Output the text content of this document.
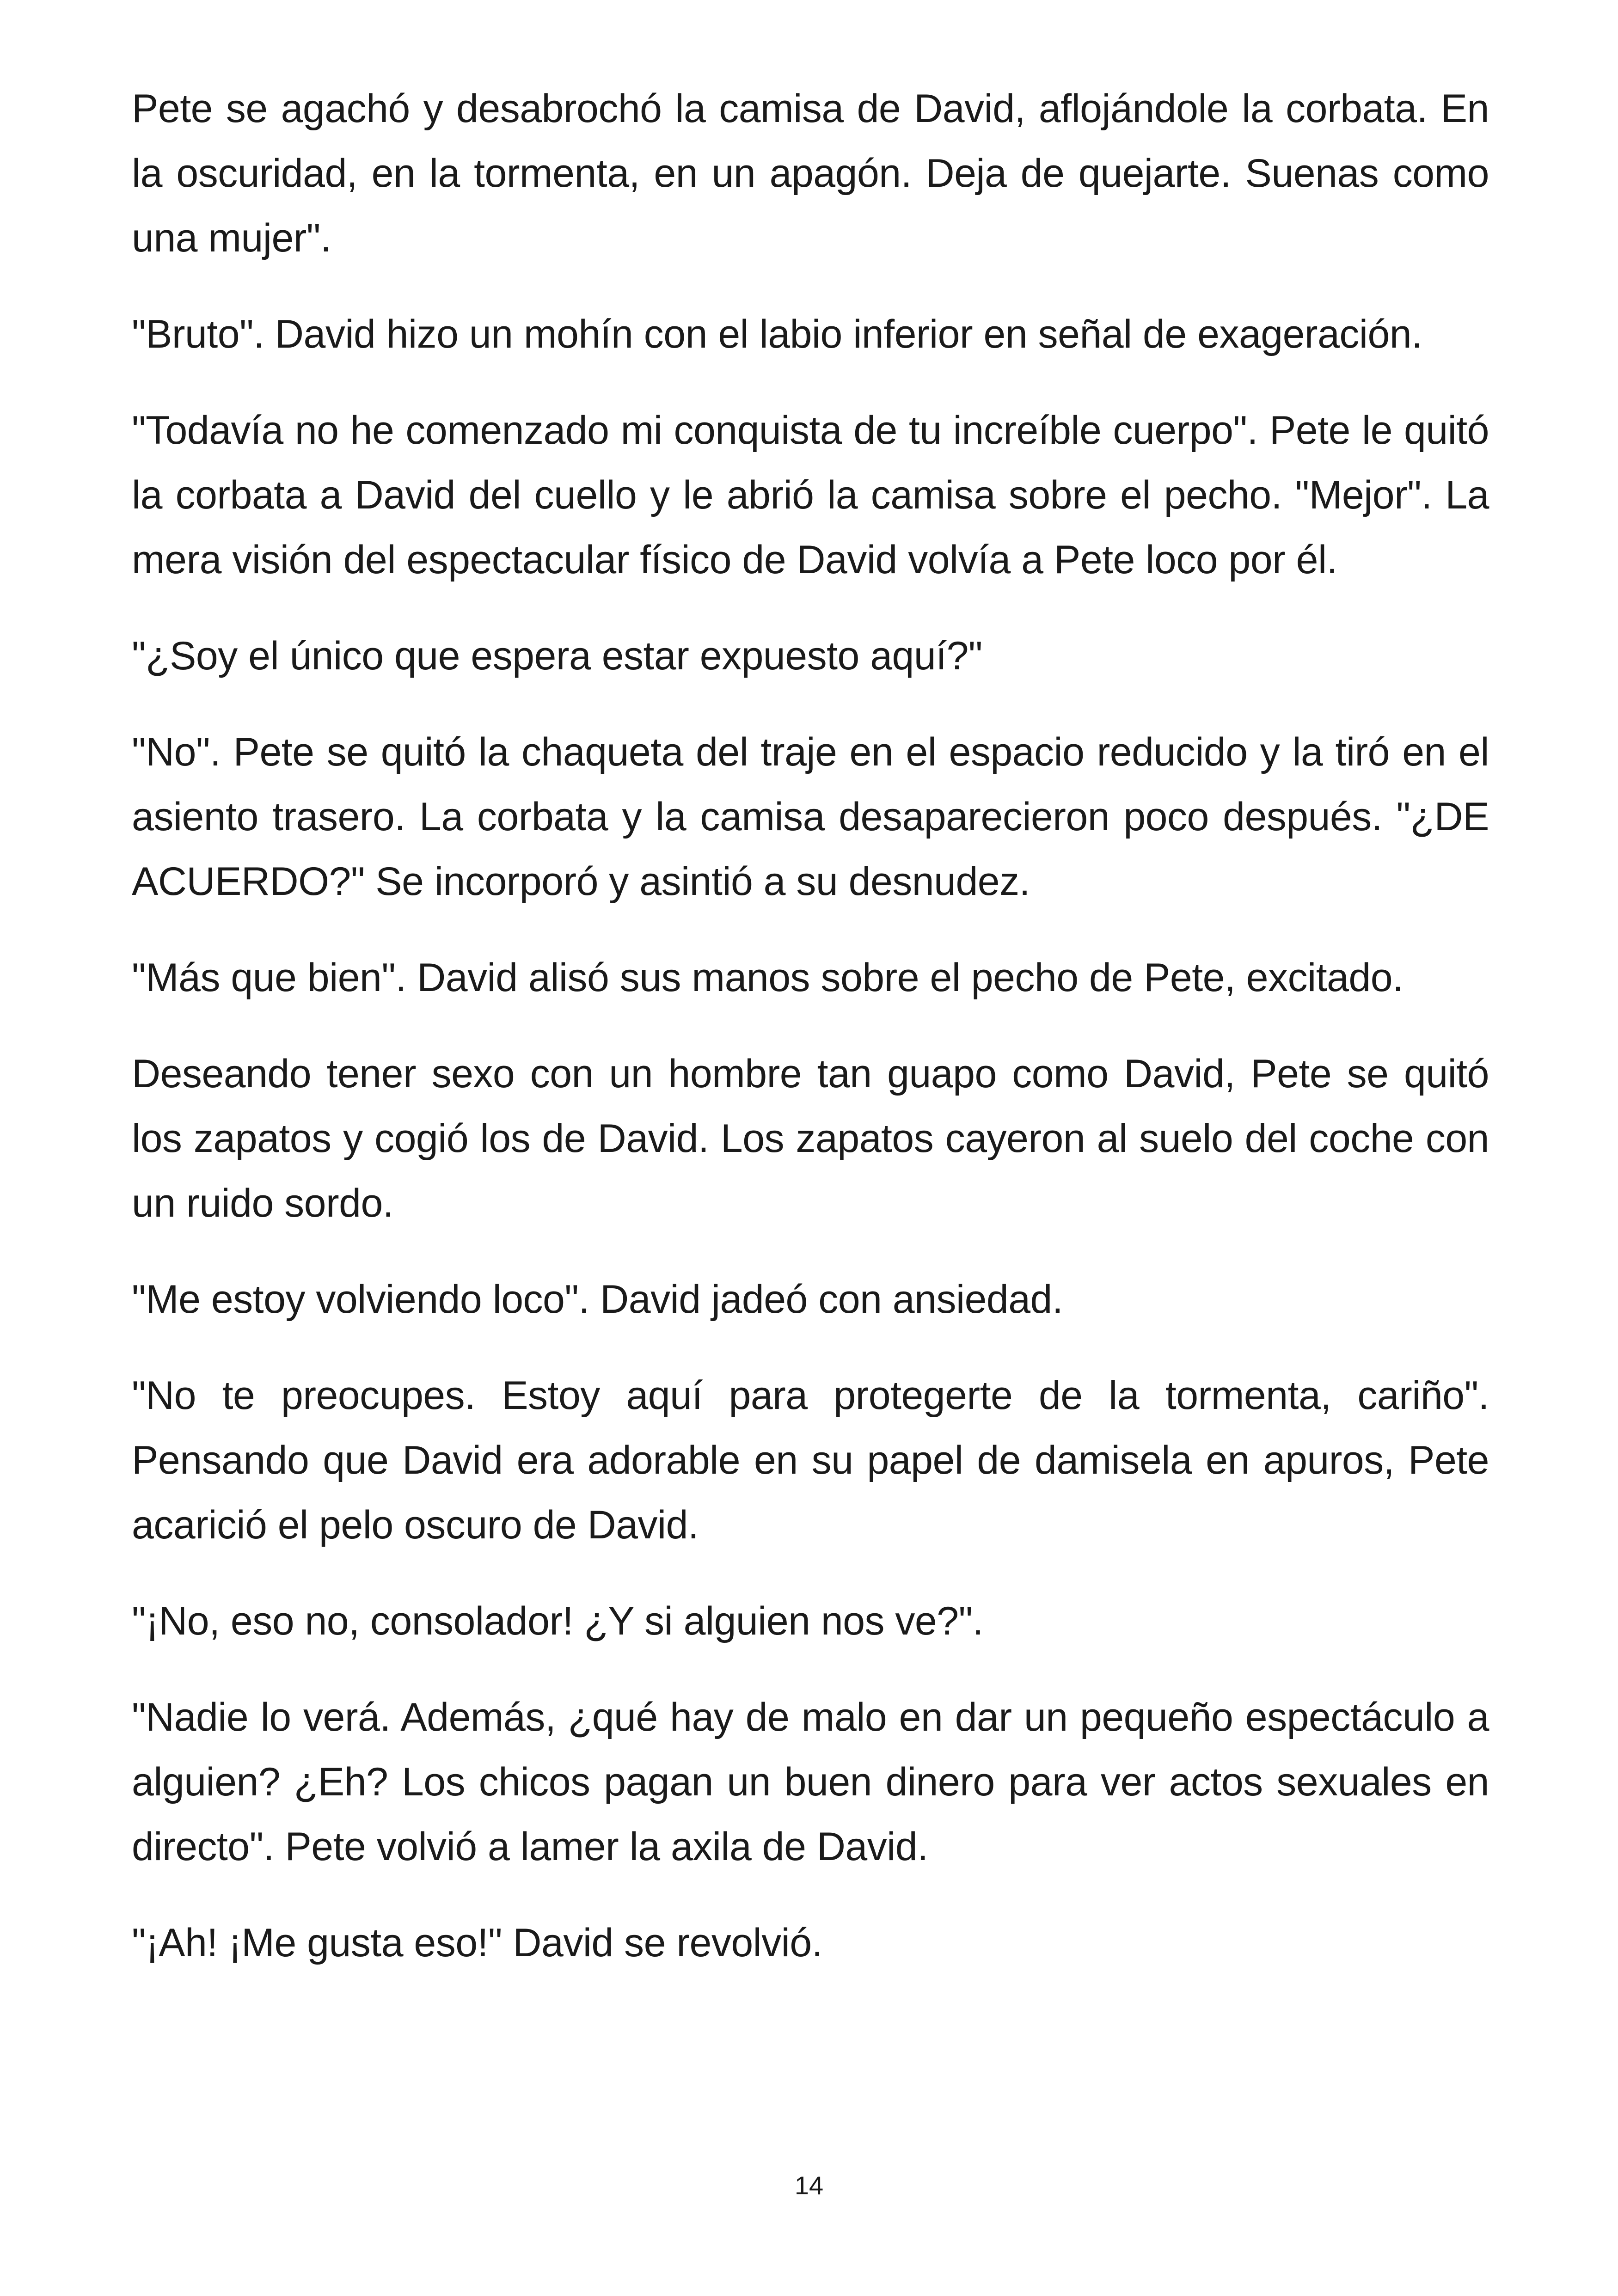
Pete se agachó y desabrochó la camisa de David, aflojándole la corbata. En la oscuridad, en la tormenta, en un apagón. Deja de quejarte. Suenas como una mujer".

"Bruto". David hizo un mohín con el labio inferior en señal de exageración.

"Todavía no he comenzado mi conquista de tu increíble cuerpo". Pete le quitó la corbata a David del cuello y le abrió la camisa sobre el pecho. "Mejor". La mera visión del espectacular físico de David volvía a Pete loco por él.

"¿Soy el único que espera estar expuesto aquí?"

"No". Pete se quitó la chaqueta del traje en el espacio reducido y la tiró en el asiento trasero. La corbata y la camisa desaparecieron poco después. "¿DE ACUERDO?" Se incorporó y asintió a su desnudez.

"Más que bien". David alisó sus manos sobre el pecho de Pete, excitado.

Deseando tener sexo con un hombre tan guapo como David, Pete se quitó los zapatos y cogió los de David. Los zapatos cayeron al suelo del coche con un ruido sordo.

"Me estoy volviendo loco". David jadeó con ansiedad.

"No te preocupes. Estoy aquí para protegerte de la tormenta, cariño". Pensando que David era adorable en su papel de damisela en apuros, Pete acarició el pelo oscuro de David.

"¡No, eso no, consolador! ¿Y si alguien nos ve?".

"Nadie lo verá. Además, ¿qué hay de malo en dar un pequeño espectáculo a alguien? ¿Eh? Los chicos pagan un buen dinero para ver actos sexuales en directo". Pete volvió a lamer la axila de David.

"¡Ah! ¡Me gusta eso!" David se revolvió.

14
